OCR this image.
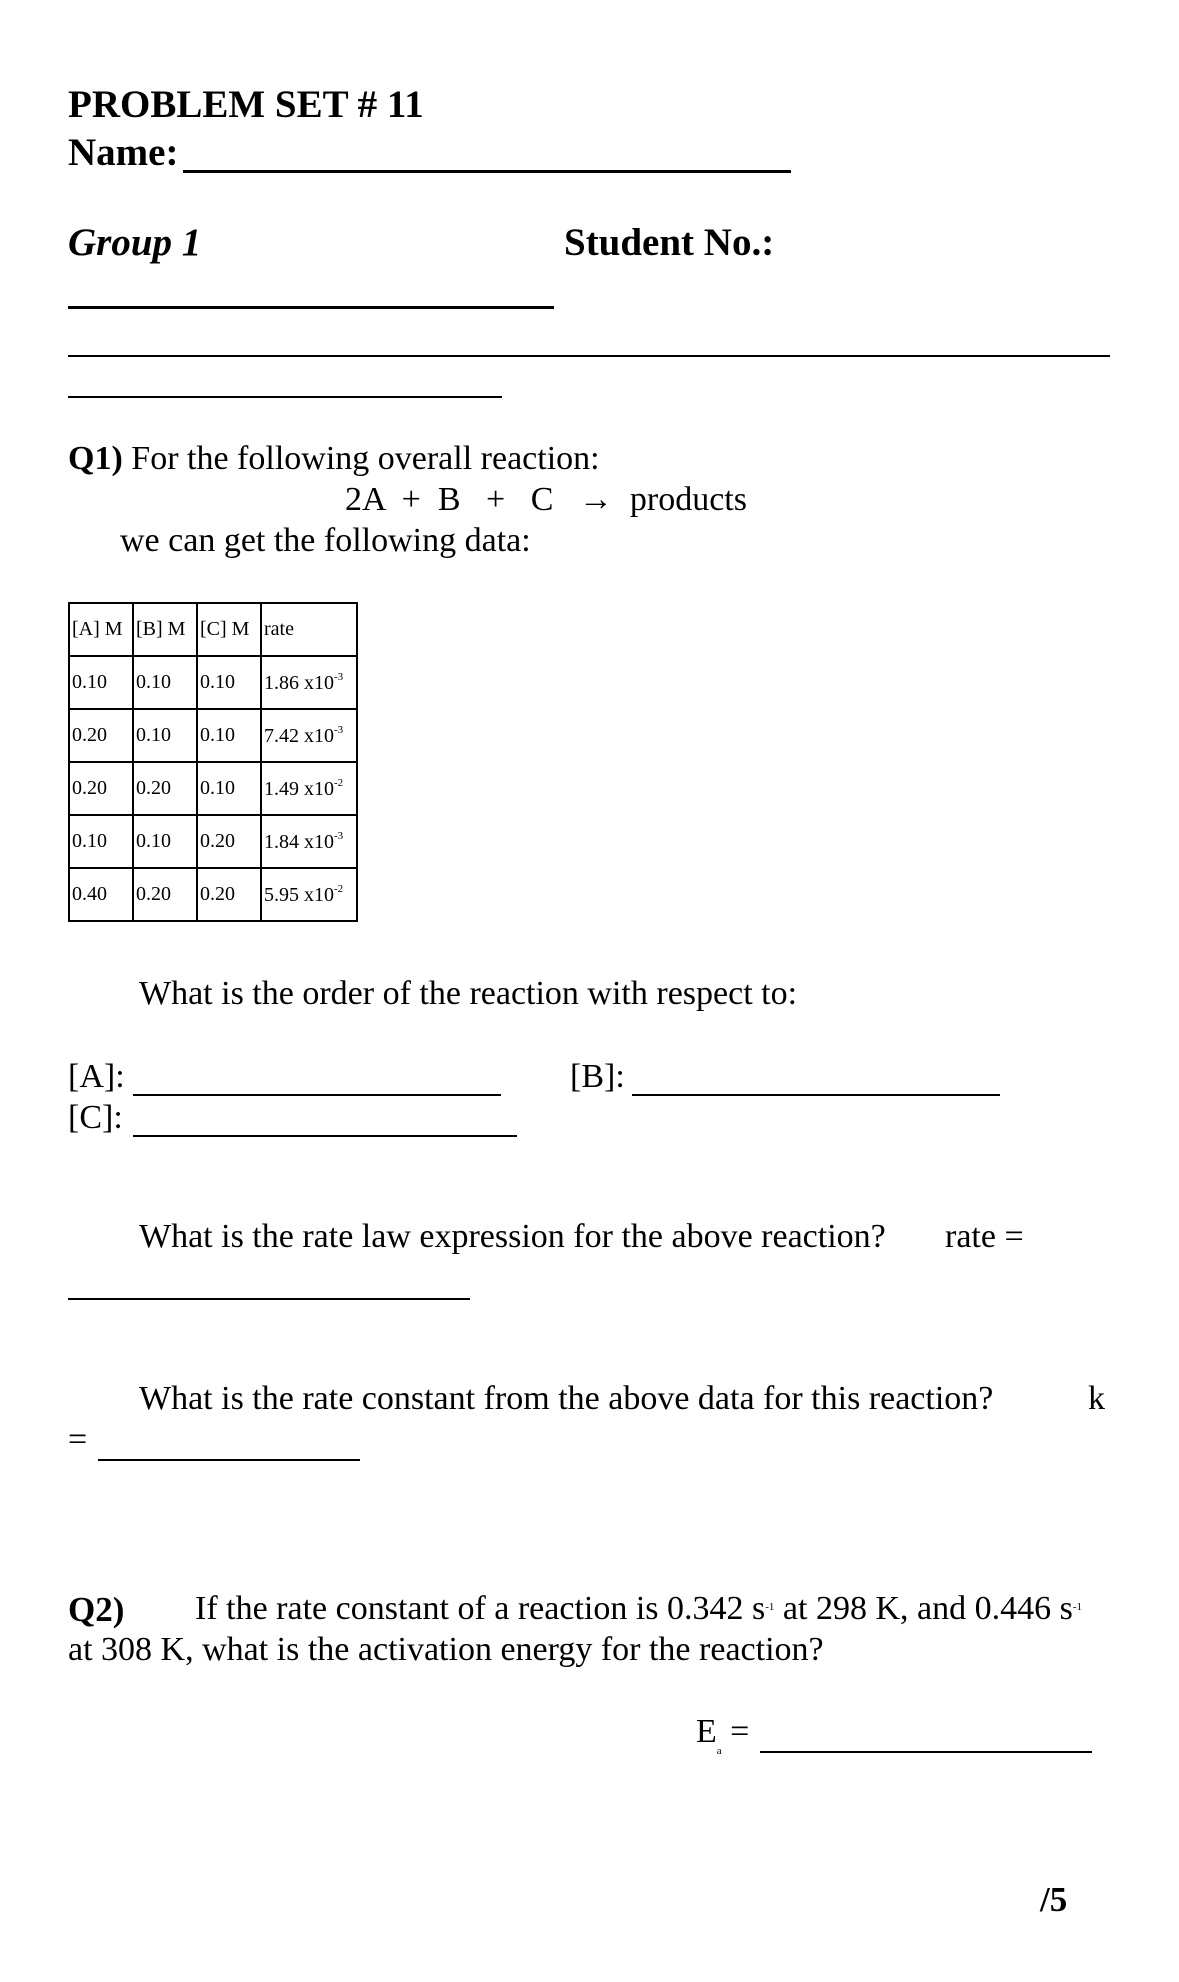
PROBLEM SET # 11
Name:
Group 1	Student No.:
Q1) For the following overall reaction:
2A  +  B   +   C   →  products
we can get the following data:
[A] M	[B] M	[C] M	rate
0.10	0.10	0.10	1.86 $x10^{-3}$
0.20	0.10	0.10	7.42 $x10^{-3}$
0.20	0.20	0.10	1.49 $x10^{-2}$
0.10	0.10	0.20	1.84 $x10^{-3}$
0.40	0.20	0.20	5.95 $x10^{-2}$
What is the order of the reaction with respect to:
[A]:	[B]:
[C]:
What is the rate law expression for the above reaction? rate =
What is the rate constant from the above data for this reaction?	k
=
Q2) If the rate constant of a reaction is 0.342 $s^{-1}$ at 298 K, and 0.446 $s^{-1}$
at 308 K, what is the activation energy for the reaction?
$E_a$ =
/5
